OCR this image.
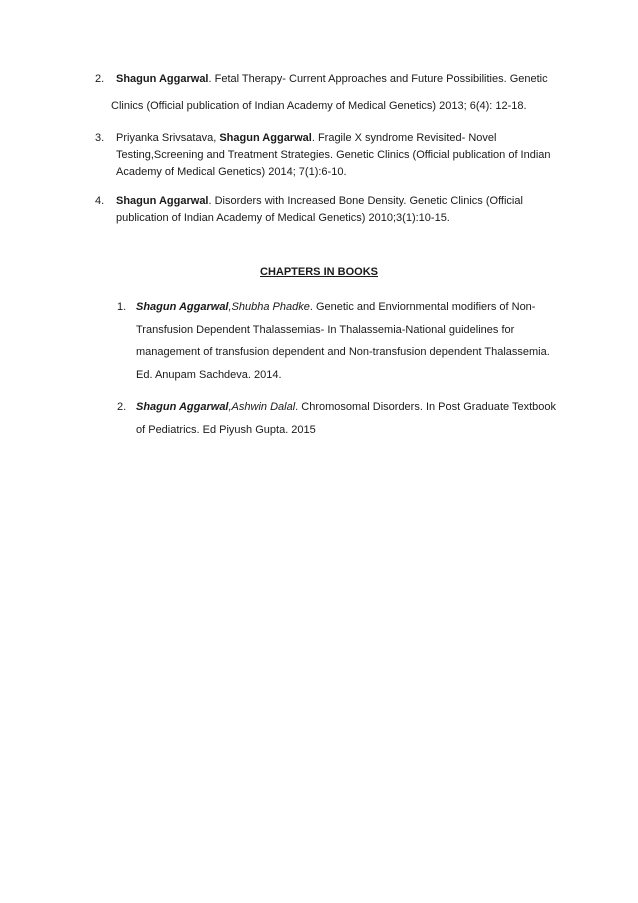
2. Shagun Aggarwal. Fetal Therapy- Current Approaches and Future Possibilities. Genetic
Clinics (Official publication of Indian Academy of Medical Genetics) 2013; 6(4): 12-18.
3. Priyanka Srivsatava, Shagun Aggarwal. Fragile X syndrome Revisited- Novel Testing,Screening and Treatment Strategies. Genetic Clinics (Official publication of Indian Academy of Medical Genetics) 2014; 7(1):6-10.
4. Shagun Aggarwal. Disorders with Increased Bone Density. Genetic Clinics (Official publication of Indian Academy of Medical Genetics) 2010;3(1):10-15.
CHAPTERS IN BOOKS
1. Shagun Aggarwal,Shubha Phadke. Genetic and Enviornmental modifiers of Non-Transfusion Dependent Thalassemias- In Thalassemia-National guidelines for management of transfusion dependent and Non-transfusion dependent Thalassemia. Ed. Anupam Sachdeva. 2014.
2. Shagun Aggarwal,Ashwin Dalal. Chromosomal Disorders. In Post Graduate Textbook of Pediatrics. Ed Piyush Gupta. 2015
